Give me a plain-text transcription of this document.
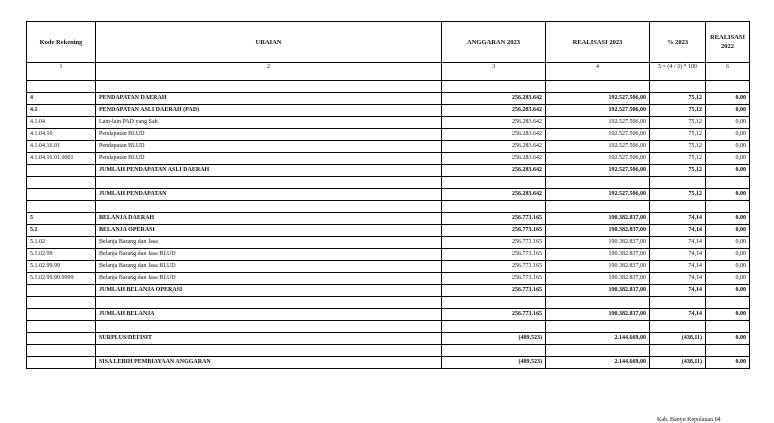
Kode Rekening	URAIAN	ANGGARAN 2023	REALISASI 2023	% 2023	REALISASI 2022
1	2	3	4	5 = (4 / 3) * 100	6

4	PENDAPATAN DAERAH	256.283.642	192.527.506,00	75,12	0,00
4.1	PENDAPATAN ASLI DAERAH (PAD)	256.283.642	192.527.506,00	75,12	0,00
4.1.04	Lain-lain PAD yang Sah	256.283.642	192.527.506,00	75,12	0,00
4.1.04.16	Pendapatan BLUD	256.283.642	192.527.506,00	75,12	0,00
4.1.04.16.01	Pendapatan BLUD	256.283.642	192.527.506,00	75,12	0,00
4.1.04.16.01.0001	Pendapatan BLUD	256.283.642	192.527.506,00	75,12	0,00
	JUMLAH PENDAPATAN ASLI DAERAH	256.283.642	192.527.506,00	75,12	0,00

	JUMLAH PENDAPATAN	256.283.642	192.527.506,00	75,12	0,00

5	BELANJA DAERAH	256.773.165	190.382.837,00	74,14	0,00
5.1	BELANJA OPERASI	256.773.165	190.382.837,00	74,14	0,00
5.1.02	Belanja Barang dan Jasa	256.773.165	190.382.837,00	74,14	0,00
5.1.02.99	Belanja Barang dan Jasa BLUD	256.773.165	190.382.837,00	74,14	0,00
5.1.02.99.99	Belanja Barang dan Jasa BLUD	256.773.165	190.382.837,00	74,14	0,00
5.1.02.99.99.9999	Belanja Barang dan Jasa BLUD	256.773.165	190.382.837,00	74,14	0,00
	JUMLAH BELANJA OPERASI	256.773.165	190.382.837,00	74,14	0,00

	JUMLAH BELANJA	256.773.165	190.382.837,00	74,14	0,00

	SURPLUS/DEFISIT	(489.523)	2.144.669,00	(438,11)	0,00

	SISA LEBIH PEMBIAYAAN ANGGARAN	(489.523)	2.144.669,00	(438,11)	0,00
Kab. Banyu Kepulauan 04
